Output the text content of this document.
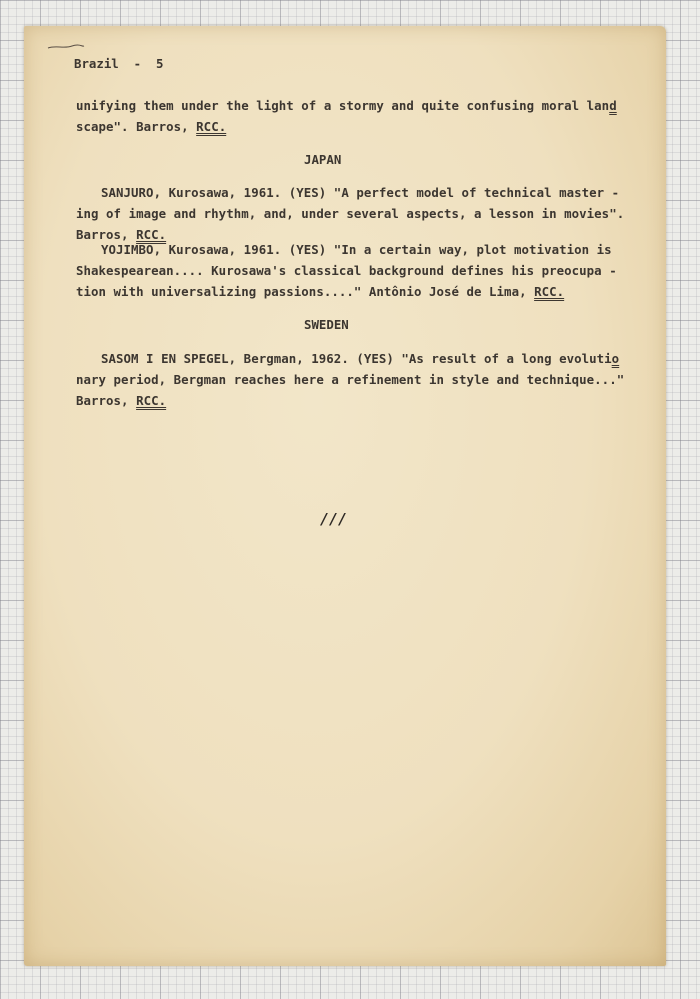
Brazil  -  5
unifying them under the light of a stormy and quite confusing moral land
scape". Barros, RCC.
JAPAN
SANJURO, Kurosawa, 1961. (YES) "A perfect model of technical master -
ing of image and rhythm, and, under several aspects, a lesson in movies".
Barros, RCC.
YOJIMBO, Kurosawa, 1961. (YES) "In a certain way, plot motivation is
Shakespearean.... Kurosawa's classical background defines his preocupa -
tion with universalizing passions...." Antônio José de Lima, RCC.
SWEDEN
SASOM I EN SPEGEL, Bergman, 1962. (YES) "As result of a long evolutio
nary period, Bergman reaches here a refinement in style and technique..."
Barros, RCC.
///
